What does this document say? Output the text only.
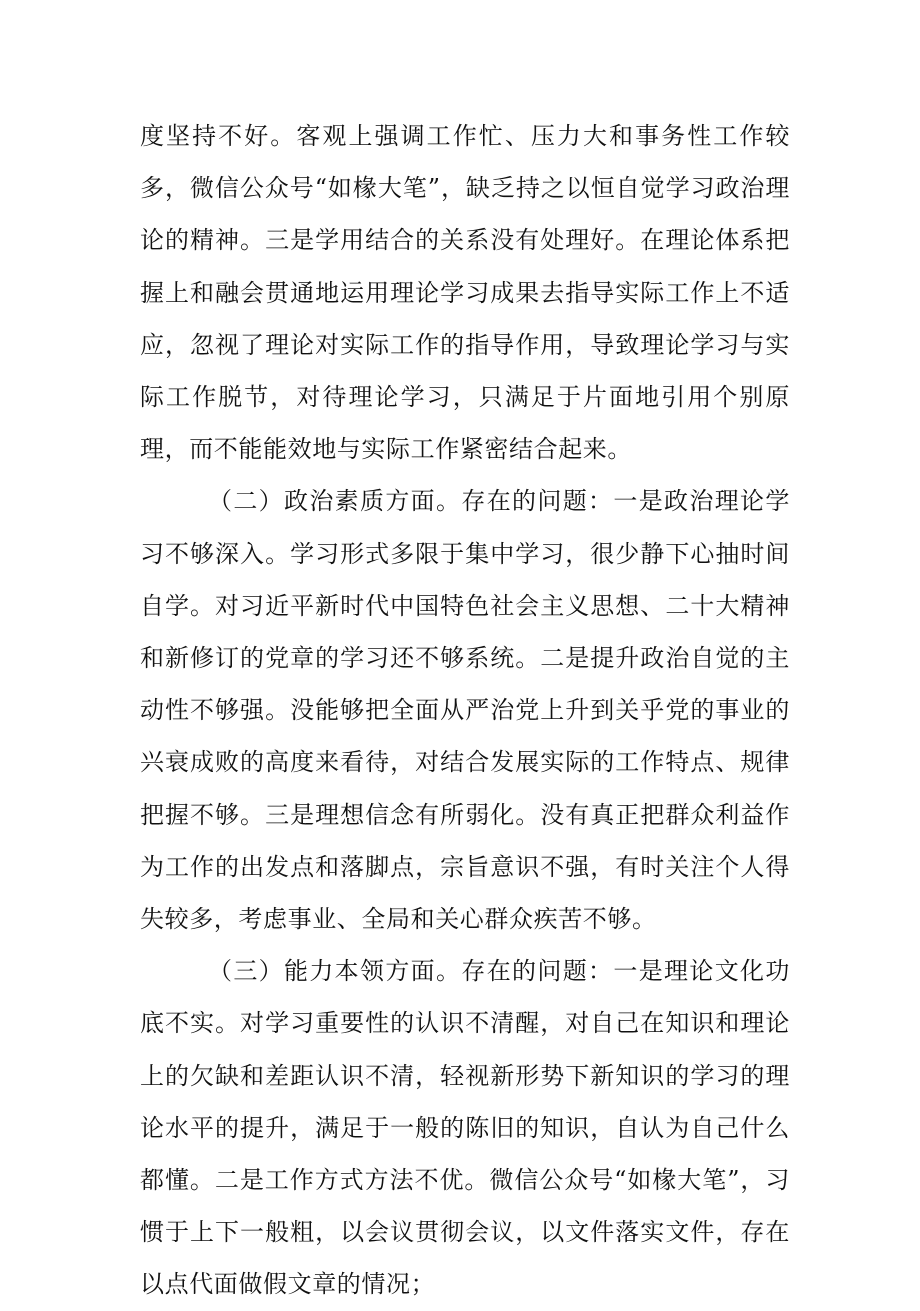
度坚持不好。客观上强调工作忙、压力大和事务性工作较多，微信公众号“如椽大笔”，缺乏持之以恒自觉学习政治理论的精神。三是学用结合的关系没有处理好。在理论体系把握上和融会贯通地运用理论学习成果去指导实际工作上不适应，忽视了理论对实际工作的指导作用，导致理论学习与实际工作脱节，对待理论学习，只满足于片面地引用个别原理，而不能能效地与实际工作紧密结合起来。

（二）政治素质方面。存在的问题：一是政治理论学习不够深入。学习形式多限于集中学习，很少静下心抽时间自学。对习近平新时代中国特色社会主义思想、二十大精神和新修订的党章的学习还不够系统。二是提升政治自觉的主动性不够强。没能够把全面从严治党上升到关乎党的事业的兴衰成败的高度来看待，对结合发展实际的工作特点、规律把握不够。三是理想信念有所弱化。没有真正把群众利益作为工作的出发点和落脚点，宗旨意识不强，有时关注个人得失较多，考虑事业、全局和关心群众疾苦不够。

（三）能力本领方面。存在的问题：一是理论文化功底不实。对学习重要性的认识不清醒，对自己在知识和理论上的欠缺和差距认识不清，轻视新形势下新知识的学习的理论水平的提升，满足于一般的陈旧的知识，自认为自己什么都懂。二是工作方式方法不优。微信公众号“如椽大笔”，习惯于上下一般粗，以会议贯彻会议，以文件落实文件，存在以点代面做假文章的情况；
